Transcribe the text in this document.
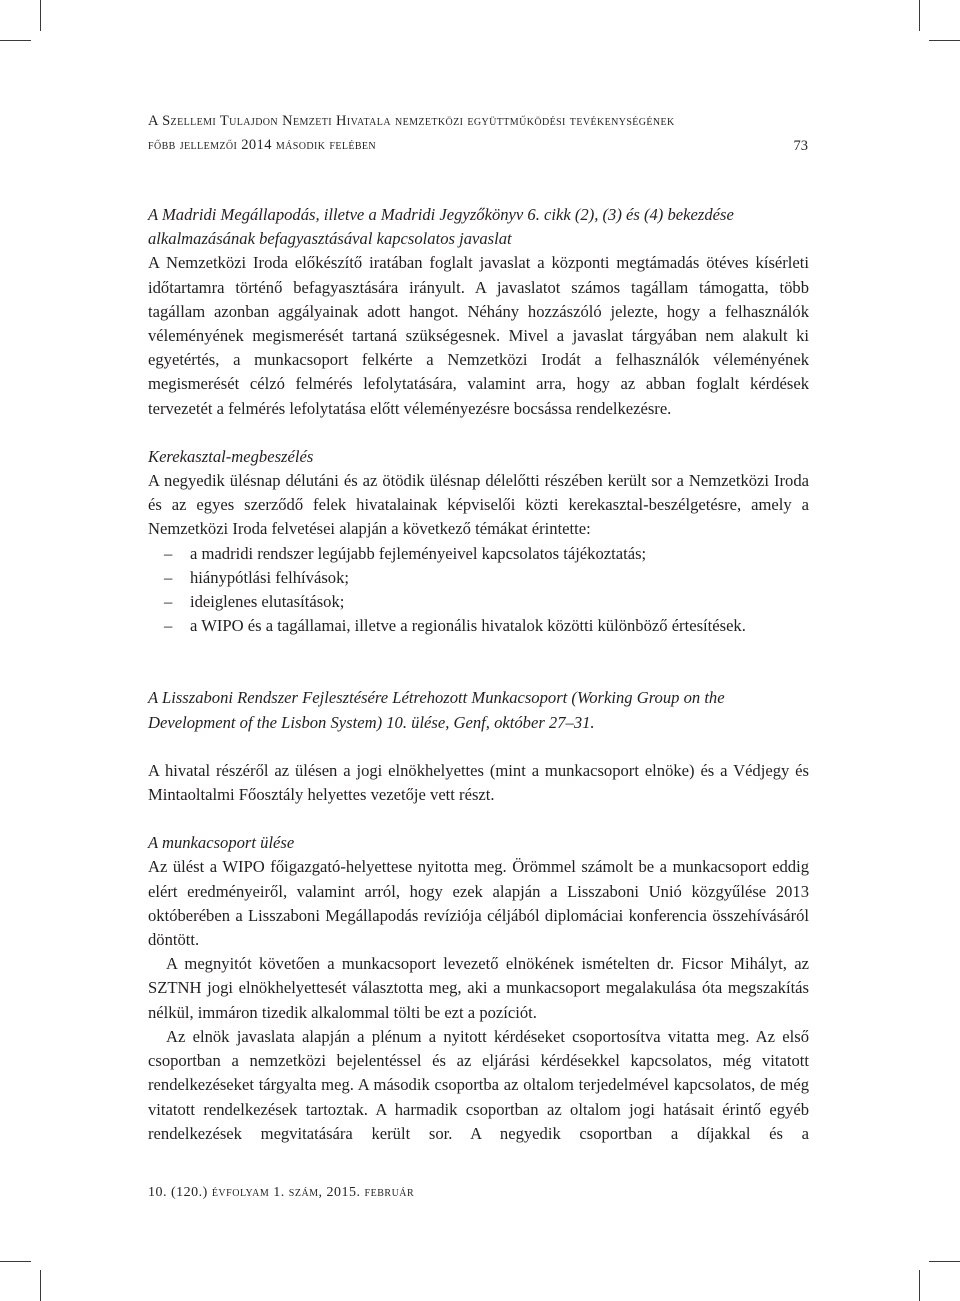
A Szellemi Tulajdon Nemzeti Hivatala nemzetközi együttműködési tevékenységének
főbb jellemzői 2014 második felében	73

A Madridi Megállapodás, illetve a Madridi Jegyzőkönyv 6. cikk (2), (3) és (4) bekezdése
alkalmazásának befagyasztásával kapcsolatos javaslat

A Nemzetközi Iroda előkészítő iratában foglalt javaslat a központi megtámadás ötéves kísérleti időtartamra történő befagyasztására irányult. A javaslatot számos tagállam támogatta, több tagállam azonban aggályainak adott hangot. Néhány hozzászóló jelezte, hogy a felhasználók véleményének megismerését tartaná szükségesnek. Mivel a javaslat tárgyában nem alakult ki egyetértés, a munkacsoport felkérte a Nemzetközi Irodát a felhasználók véleményének megismerését célzó felmérés lefolytatására, valamint arra, hogy az abban foglalt kérdések tervezetét a felmérés lefolytatása előtt véleményezésre bocsássa rendelkezésre.

Kerekasztal-megbeszélés

A negyedik ülésnap délutáni és az ötödik ülésnap délelőtti részében került sor a Nemzetközi Iroda és az egyes szerződő felek hivatalainak képviselői közti kerekasztal-beszélgetésre, amely a Nemzetközi Iroda felvetései alapján a következő témákat érintette:

– a madridi rendszer legújabb fejleményeivel kapcsolatos tájékoztatás;
– hiánypótlási felhívások;
– ideiglenes elutasítások;
– a WIPO és a tagállamai, illetve a regionális hivatalok közötti különböző értesítések.

A Lisszaboni Rendszer Fejlesztésére Létrehozott Munkacsoport (Working Group on the Development of the Lisbon System) 10. ülése, Genf, október 27–31.

A hivatal részéről az ülésen a jogi elnökhelyettes (mint a munkacsoport elnöke) és a Védjegy és Mintaoltalmi Főosztály helyettes vezetője vett részt.

A munkacsoport ülése

Az ülést a WIPO főigazgató-helyettese nyitotta meg. Örömmel számolt be a munkacsoport eddig elért eredményeiről, valamint arról, hogy ezek alapján a Lisszaboni Unió közgyűlése 2013 októberében a Lisszaboni Megállapodás revíziója céljából diplomáciai konferencia összehívásáról döntött.

A megnyitót követően a munkacsoport levezető elnökének ismételten dr. Ficsor Mihályt, az SZTNH jogi elnökhelyettesét választotta meg, aki a munkacsoport megalakulása óta megszakítás nélkül, immáron tizedik alkalommal tölti be ezt a pozíciót.

Az elnök javaslata alapján a plénum a nyitott kérdéseket csoportosítva vitatta meg. Az első csoportban a nemzetközi bejelentéssel és az eljárási kérdésekkel kapcsolatos, még vitatott rendelkezéseket tárgyalta meg. A második csoportba az oltalom terjedelmével kapcsolatos, de még vitatott rendelkezések tartoztak. A harmadik csoportban az oltalom jogi hatásait érintő egyéb rendelkezések megvitatására került sor. A negyedik csoportban a díjakkal és a

10. (120.) évfolyam 1. szám, 2015. február
